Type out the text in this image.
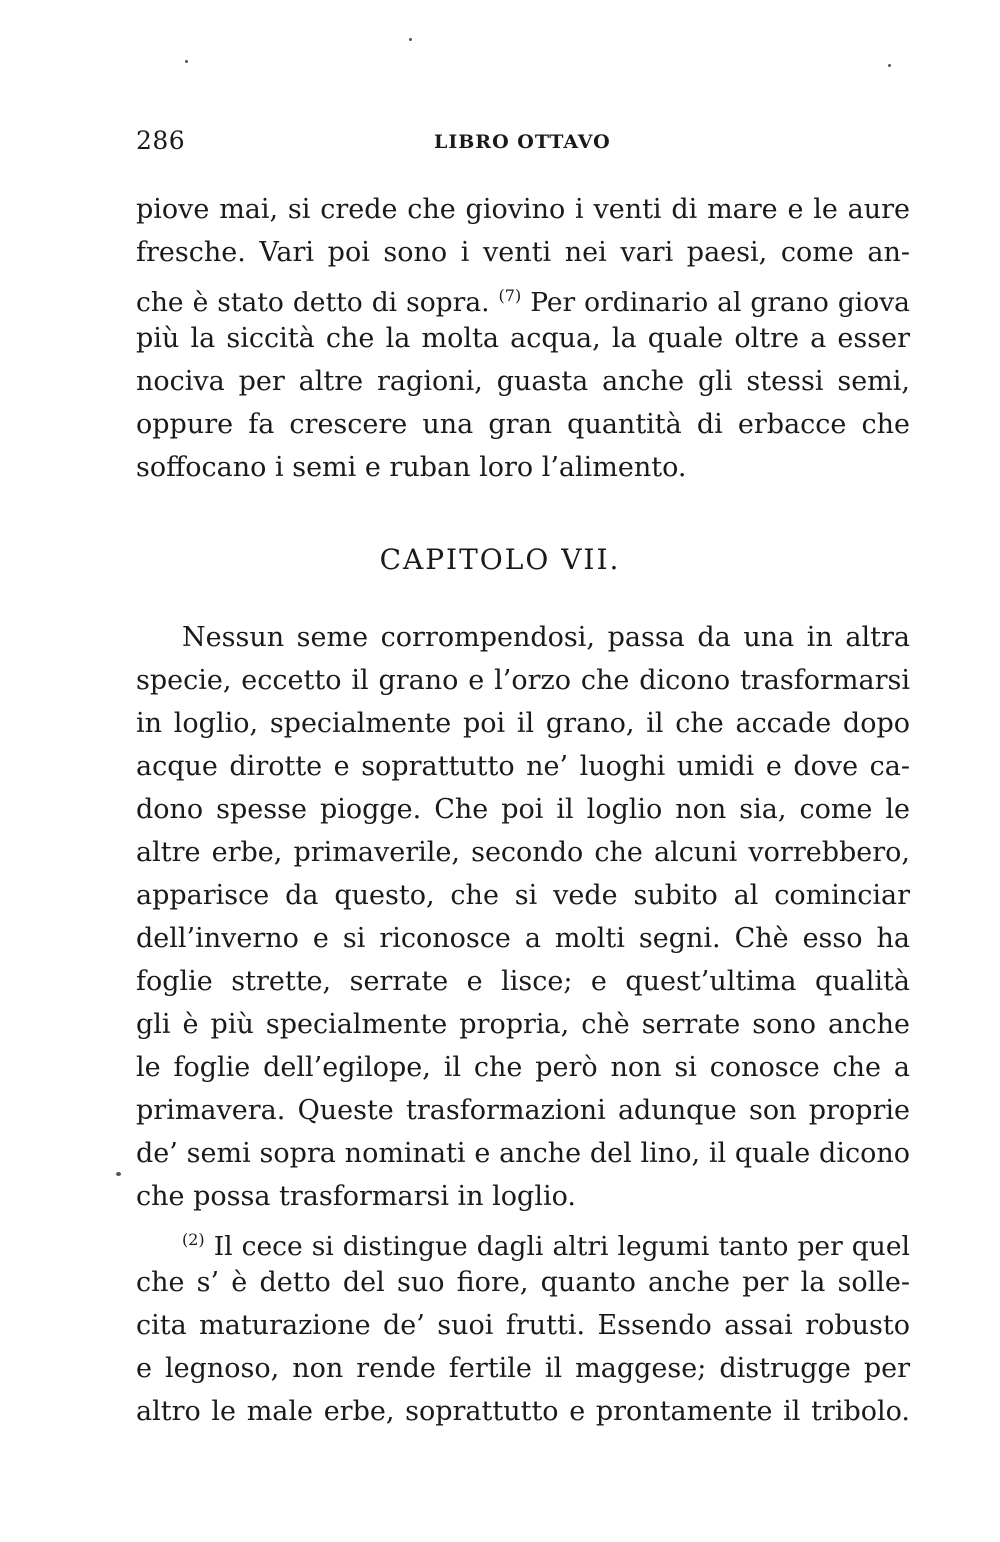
286	LIBRO OTTAVO
piove mai, si crede che giovino i venti di mare e le aure
fresche. Vari poi sono i venti nei vari paesi, come an-
che è stato detto di sopra. $^{(7)}$ Per ordinario al grano giova
più la siccità che la molta acqua, la quale oltre a esser
nociva per altre ragioni, guasta anche gli stessi semi,
oppure fa crescere una gran quantità di erbacce che
soffocano i semi e ruban loro l’alimento.
CAPITOLO VII.
Nessun seme corrompendosi, passa da una in altra
specie, eccetto il grano e l’orzo che dicono trasformarsi
in loglio, specialmente poi il grano, il che accade dopo
acque dirotte e soprattutto ne’ luoghi umidi e dove ca-
dono spesse piogge. Che poi il loglio non sia, come le
altre erbe, primaverile, secondo che alcuni vorrebbero,
apparisce da questo, che si vede subito al cominciar
dell’inverno e si riconosce a molti segni. Chè esso ha
foglie strette, serrate e lisce; e quest’ultima qualità
gli è più specialmente propria, chè serrate sono anche
le foglie dell’egilope, il che però non si conosce che a
primavera. Queste trasformazioni adunque son proprie
de’ semi sopra nominati e anche del lino, il quale dicono
che possa trasformarsi in loglio.
$^{(2)}$ Il cece si distingue dagli altri legumi tanto per quel
che s’ è detto del suo fiore, quanto anche per la solle-
cita maturazione de’ suoi frutti. Essendo assai robusto
e legnoso, non rende fertile il maggese; distrugge per
altro le male erbe, soprattutto e prontamente il tribolo.
